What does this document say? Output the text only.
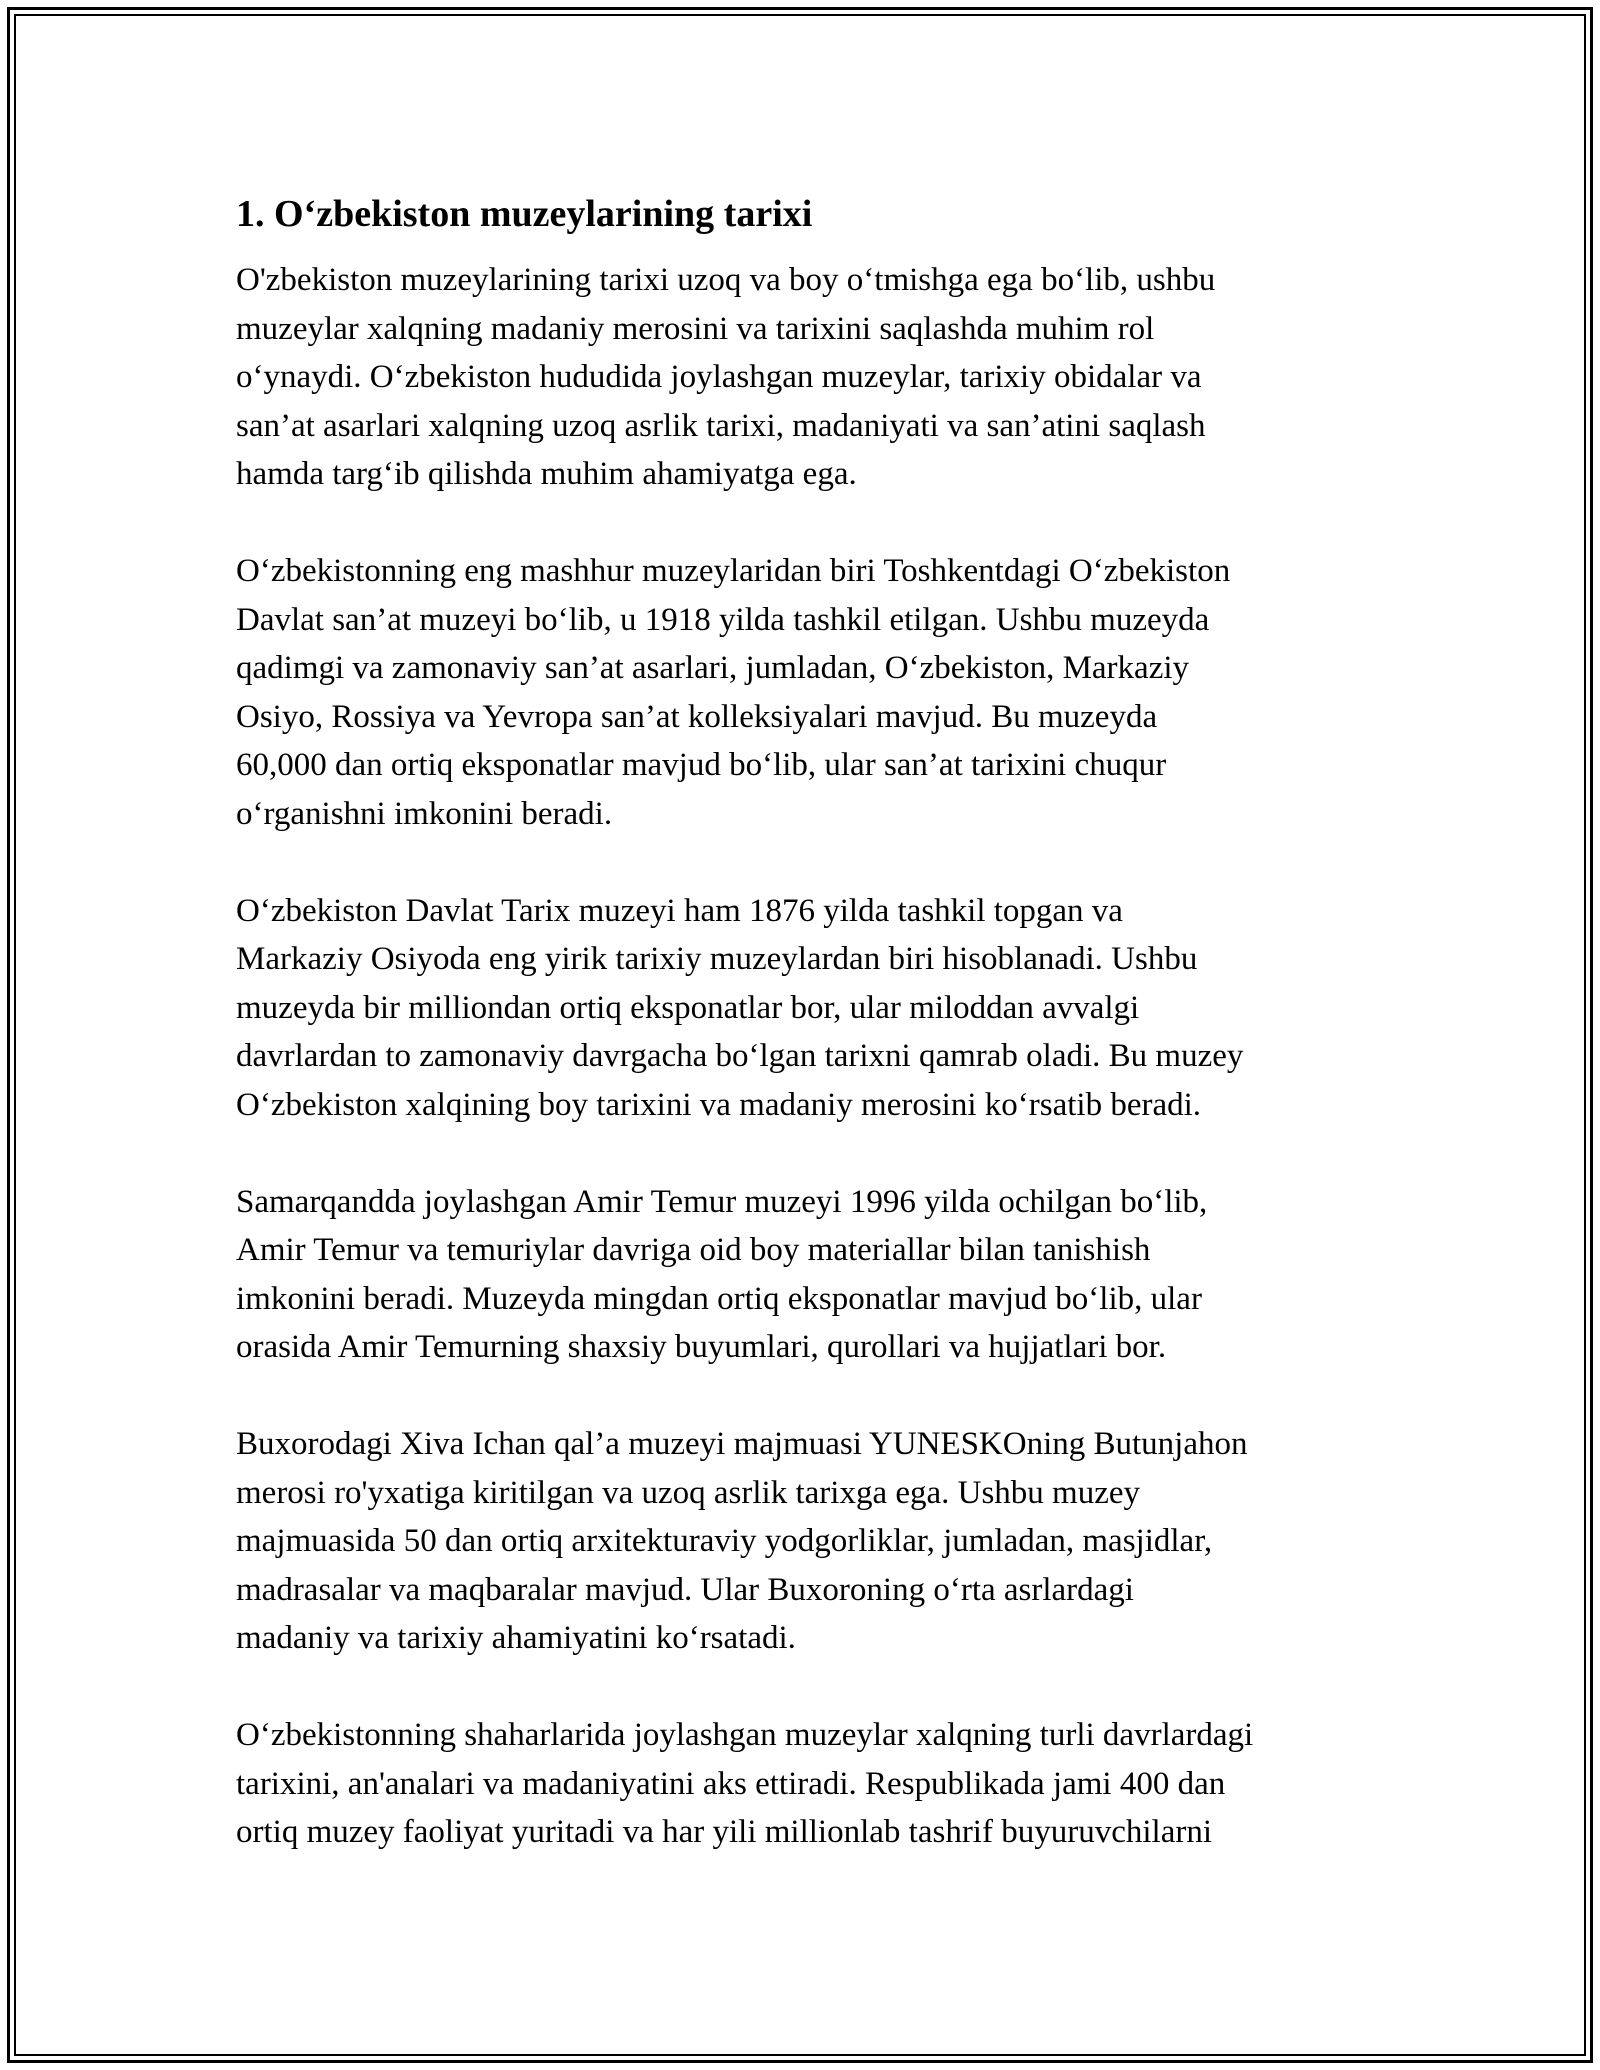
1. O‘zbekiston muzeylarining tarixi
O'zbekiston muzeylarining tarixi uzoq va boy o‘tmishga ega bo‘lib, ushbu
muzeylar xalqning madaniy merosini va tarixini saqlashda muhim rol
o‘ynaydi. O‘zbekiston hududida joylashgan muzeylar, tarixiy obidalar va
san’at asarlari xalqning uzoq asrlik tarixi, madaniyati va san’atini saqlash
hamda targ‘ib qilishda muhim ahamiyatga ega.
O‘zbekistonning eng mashhur muzeylaridan biri Toshkentdagi O‘zbekiston
Davlat san’at muzeyi bo‘lib, u 1918 yilda tashkil etilgan. Ushbu muzeyda
qadimgi va zamonaviy san’at asarlari, jumladan, O‘zbekiston, Markaziy
Osiyo, Rossiya va Yevropa san’at kolleksiyalari mavjud. Bu muzeyda
60,000 dan ortiq eksponatlar mavjud bo‘lib, ular san’at tarixini chuqur
o‘rganishni imkonini beradi.
O‘zbekiston Davlat Tarix muzeyi ham 1876 yilda tashkil topgan va
Markaziy Osiyoda eng yirik tarixiy muzeylardan biri hisoblanadi. Ushbu
muzeyda bir milliondan ortiq eksponatlar bor, ular miloddan avvalgi
davrlardan to zamonaviy davrgacha bo‘lgan tarixni qamrab oladi. Bu muzey
O‘zbekiston xalqining boy tarixini va madaniy merosini ko‘rsatib beradi.
Samarqandda joylashgan Amir Temur muzeyi 1996 yilda ochilgan bo‘lib,
Amir Temur va temuriylar davriga oid boy materiallar bilan tanishish
imkonini beradi. Muzeyda mingdan ortiq eksponatlar mavjud bo‘lib, ular
orasida Amir Temurning shaxsiy buyumlari, qurollari va hujjatlari bor.
Buxorodagi Xiva Ichan qal’a muzeyi majmuasi YUNESKOning Butunjahon
merosi ro'yxatiga kiritilgan va uzoq asrlik tarixga ega. Ushbu muzey
majmuasida 50 dan ortiq arxitekturaviy yodgorliklar, jumladan, masjidlar,
madrasalar va maqbaralar mavjud. Ular Buxoroning o‘rta asrlardagi
madaniy va tarixiy ahamiyatini ko‘rsatadi.
O‘zbekistonning shaharlarida joylashgan muzeylar xalqning turli davrlardagi
tarixini, an'analari va madaniyatini aks ettiradi. Respublikada jami 400 dan
ortiq muzey faoliyat yuritadi va har yili millionlab tashrif buyuruvchilarni
